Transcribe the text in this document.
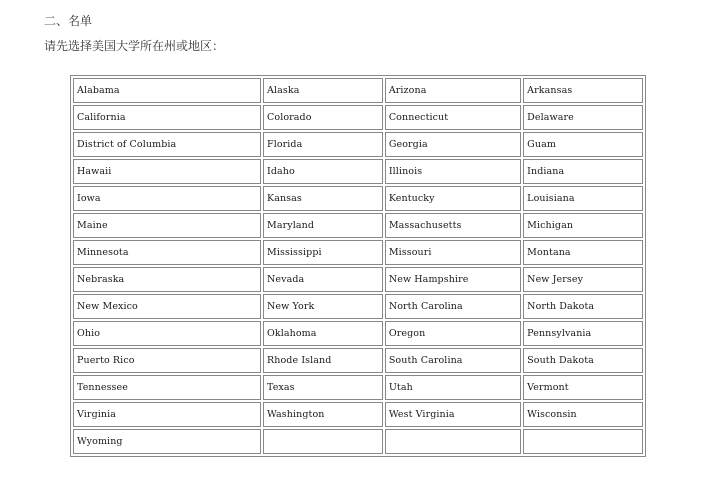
二、名单
请先选择美国大学所在州或地区：
Alabama	Alaska	Arizona	Arkansas
California	Colorado	Connecticut	Delaware
District of Columbia	Florida	Georgia	Guam
Hawaii	Idaho	Illinois	Indiana
Iowa	Kansas	Kentucky	Louisiana
Maine	Maryland	Massachusetts	Michigan
Minnesota	Mississippi	Missouri	Montana
Nebraska	Nevada	New Hampshire	New Jersey
New Mexico	New York	North Carolina	North Dakota
Ohio	Oklahoma	Oregon	Pennsylvania
Puerto Rico	Rhode Island	South Carolina	South Dakota
Tennessee	Texas	Utah	Vermont
Virginia	Washington	West Virginia	Wisconsin
Wyoming			
